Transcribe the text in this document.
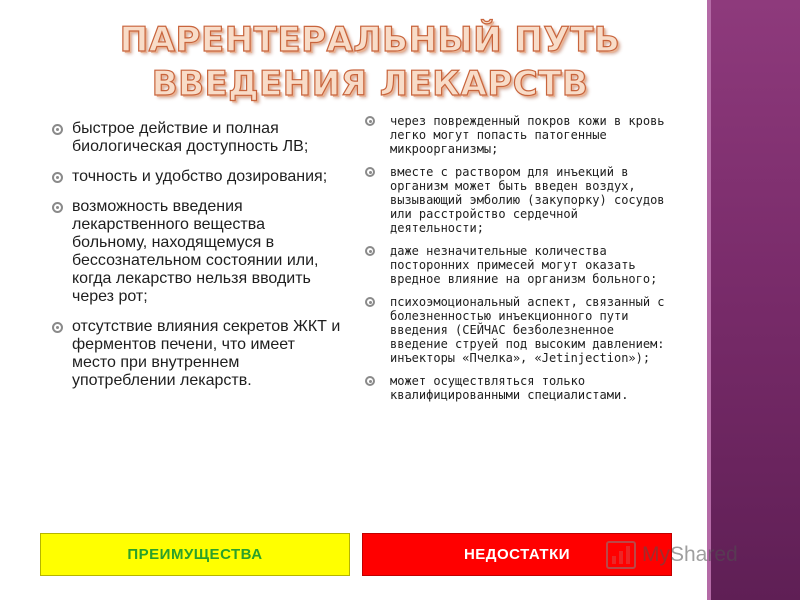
ПАРЕНТЕРАЛЬНЫЙ ПУТЬ
ВВЕДЕНИЯ ЛЕКАРСТВ
быстрое действие и полная биологическая доступность ЛВ;
точность и удобство дозирования;
возможность введения лекарственного вещества больному, находящемуся в бессознательном состоянии или, когда лекарство нельзя вводить через рот;
отсутствие влияния секретов ЖКТ и ферментов печени, что имеет место при внутреннем употреблении лекарств.
через поврежденный покров кожи в кровь легко могут попасть патогенные микроорганизмы;
вместе с раствором для инъекций в организм может быть введен воздух, вызывающий эмболию (закупорку) сосудов или расстройство сердечной деятельности;
даже незначительные количества посторонних примесей могут оказать вредное влияние на организм больного;
психоэмоциональный аспект, связанный с болезненностью инъекционного пути введения (СЕЙЧАС безболезненное введение струей под высоким давлением: инъекторы «Пчелка», «Jetinjection»);
может осуществляться только квалифицированными специалистами.
ПРЕИМУЩЕСТВА	НЕДОСТАТКИ	MyShared
